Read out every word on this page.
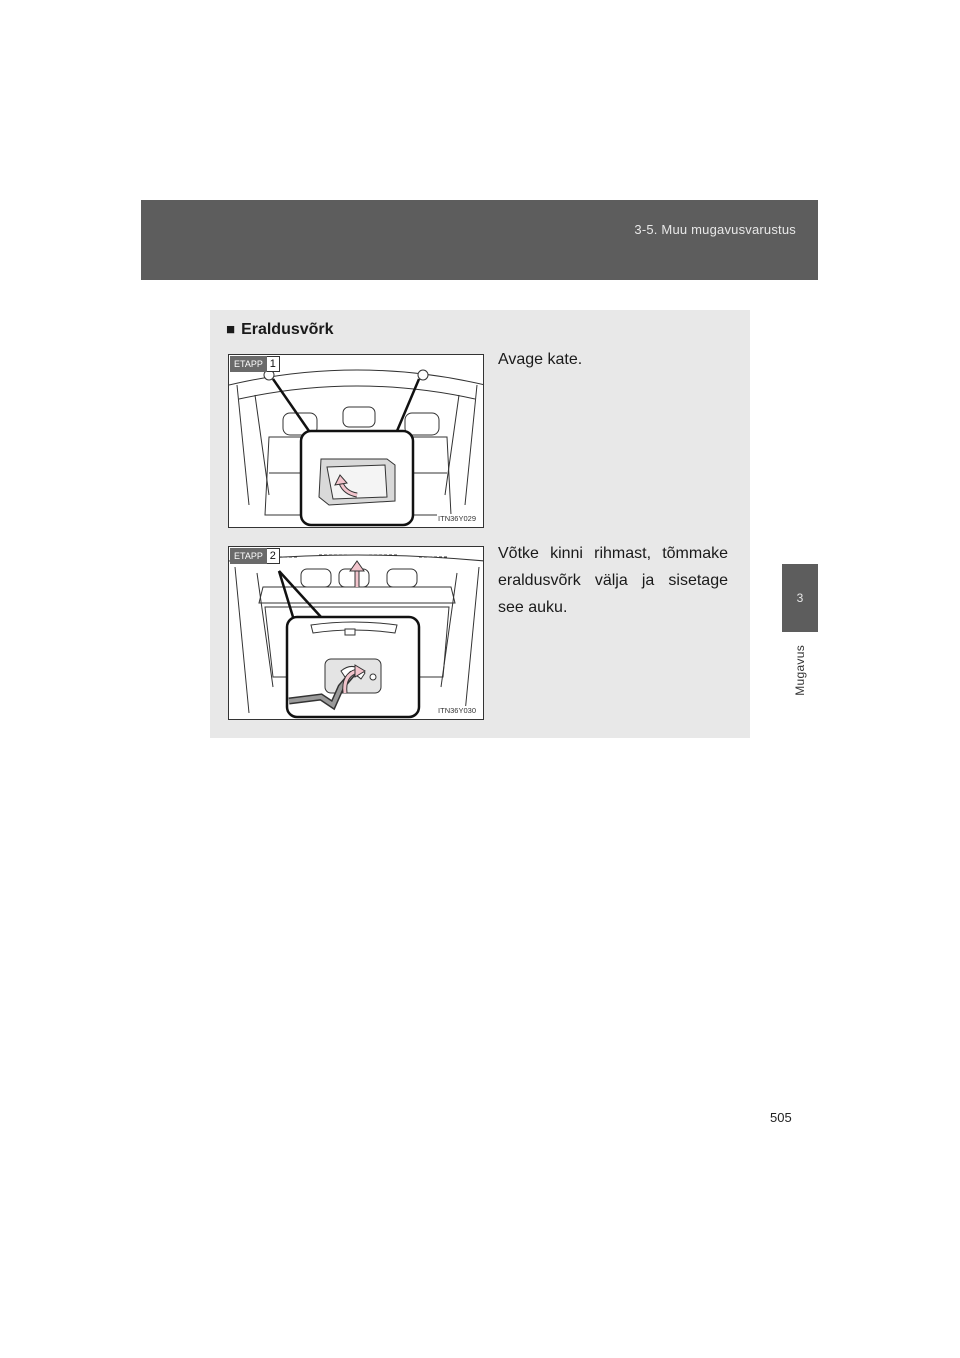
3-5. Muu mugavusvarustus
3
Mugavus
■ Eraldusvõrk
ETAPP 1
ITN36Y029
Avage kate.
ETAPP 2
ITN36Y030
Võtke kinni rihmast, tõmmake eraldusvõrk välja ja sisetage see auku.
505
